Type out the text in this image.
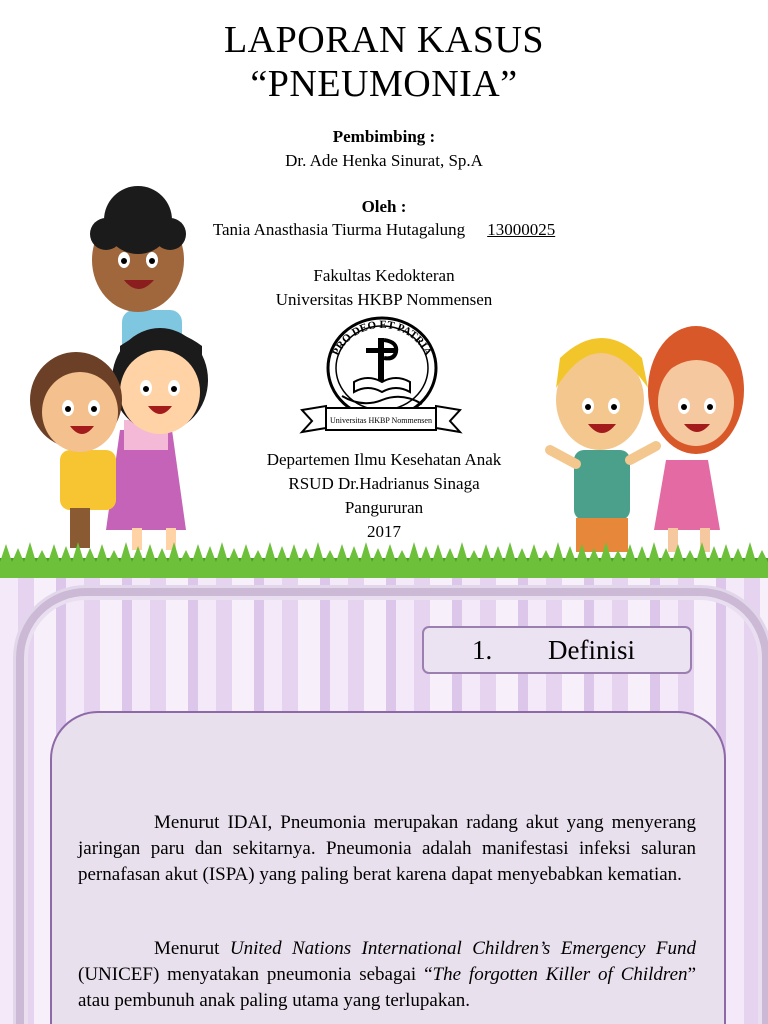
LAPORAN KASUS
“PNEUMONIA”
Pembimbing :
Dr. Ade Henka Sinurat, Sp.A
Oleh :
Tania Anasthasia Tiurma Hutagalung 13000025
Fakultas Kedokteran
Universitas HKBP Nommensen
PRO DEO ET PATRIA
Universitas HKBP Nommensen
Departemen Ilmu Kesehatan Anak
RSUD Dr.Hadrianus Sinaga
Pangururan
2017
1. Definisi
Menurut IDAI, Pneumonia merupakan radang akut yang menyerang jaringan paru dan sekitarnya. Pneumonia adalah manifestasi infeksi saluran pernafasan akut (ISPA) yang paling berat karena dapat menyebabkan kematian.
Menurut United Nations International Children’s Emergency Fund (UNICEF) menyatakan pneumonia sebagai “The forgotten Killer of Children” atau pembunuh anak paling utama yang terlupakan.
